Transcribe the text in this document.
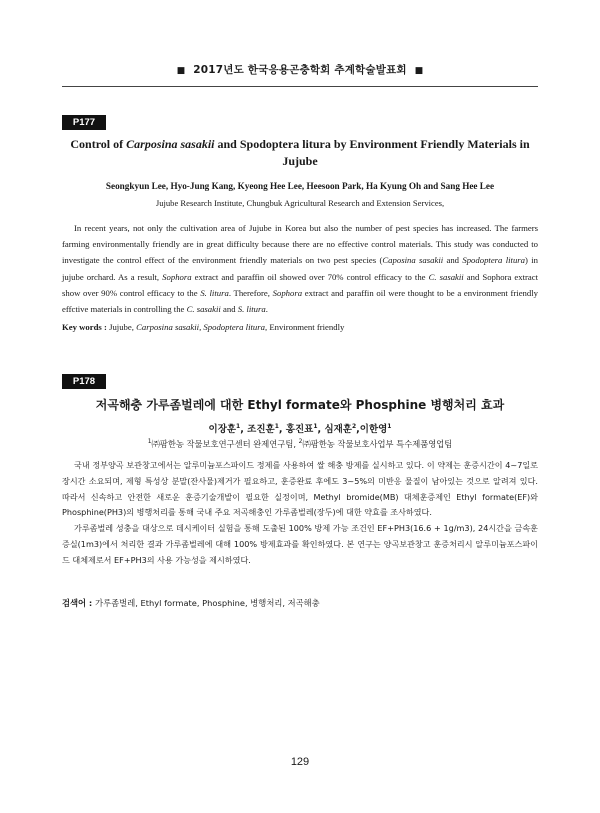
■ 2017년도 한국응용곤충학회 추계학술발표회 ■
P177
Control of Carposina sasakii and Spodoptera litura by Environment Friendly Materials in Jujube
Seongkyun Lee, Hyo-Jung Kang, Kyeong Hee Lee, Heesoon Park, Ha Kyung Oh and Sang Hee Lee
Jujube Research Institute, Chungbuk Agricultural Research and Extension Services,

In recent years, not only the cultivation area of Jujube in Korea but also the number of pest species has increased. The farmers farming environmentally friendly are in great difficulty because there are no effective control materials. This study was conducted to investigate the control effect of the environment friendly materials on two pest species (Caposina sasakii and Spodoptera litura) in jujube orchard. As a result, Sophora extract and paraffin oil showed over 70% control efficacy to the C. sasakii and Sophora extract show over 90% control efficacy to the S. litura. Therefore, Sophora extract and paraffin oil were thought to be a environment friendly effctive materials in controlling the C. sasakii and S. litura.

Key words : Jujube, Carposina sasakii, Spodoptera litura, Environment friendly
P178
저곡해충 가루좀벌레에 대한 Ethyl formate와 Phosphine 병행처리 효과
이장훈$^1$, 조진훈$^1$, 홍진표$^1$, 심재훈$^2$,이한영$^1$
$^1$㈜팜한농 작물보호연구센터 완제연구팀, $^2$㈜팜한농 작물보호사업부 특수제품영업팀

국내 정부양곡 보관창고에서는 알루미늄포스파이드 정제를 사용하여 쌀 해충 방제를 실시하고 있다. 이 약제는 훈증시간이 4~7일로 장시간 소요되며, 제형 특성상 분말(잔사물)제거가 필요하고, 훈증완료 후에도 3~5%의 미반응 물질이 남아있는 것으로 알려져 있다. 따라서 신속하고 안전한 새로운 훈증기술개발이 필요한 실정이며, Methyl bromide(MB) 대체훈증제인 Ethyl formate(EF)와 Phosphine(PH3)의 병행처리를 통해 국내 주요 저곡해충인 가루좀벌레(장두)에 대한 약효를 조사하였다.

가루좀벌레 성충을 대상으로 데시케이터 실험을 통해 도출된 100% 방제 가능 조건인 EF+PH3(16.6 + 1g/m3), 24시간을 금속훈증실(1m3)에서 처리한 결과 가루좀벌레에 대해 100% 방제효과를 확인하였다. 본 연구는 양곡보관창고 훈증처리시 알루미늄포스파이드 대체제로서 EF+PH3의 사용 가능성을 제시하였다.

검색어 : 가루좀벌레, Ethyl formate, Phosphine, 병행처리, 저곡해충
129
